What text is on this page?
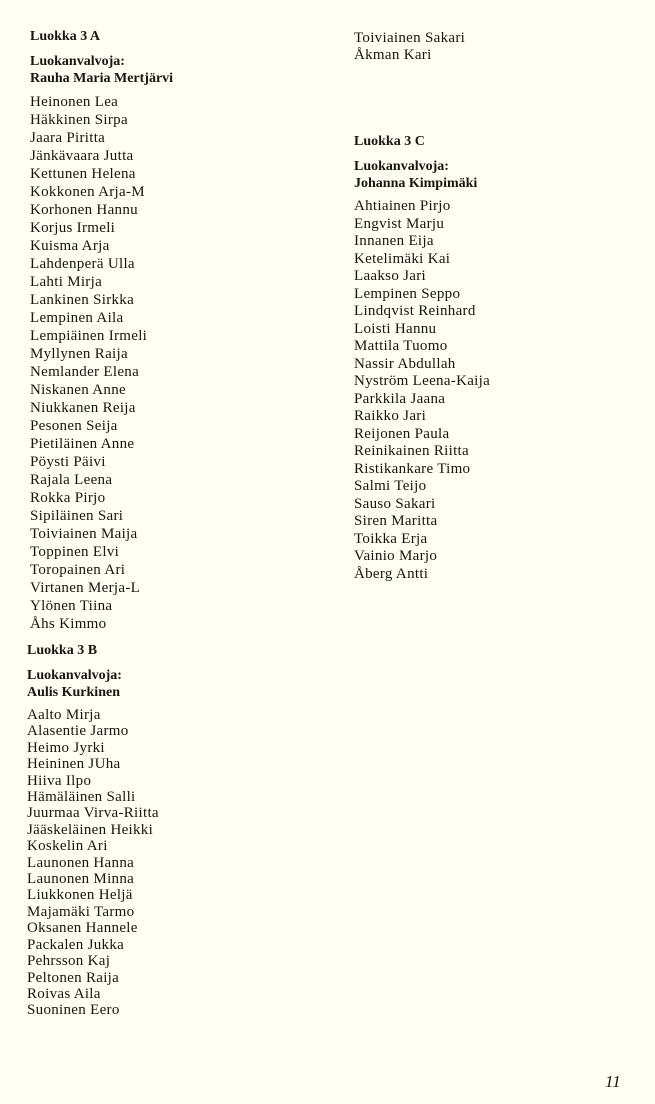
Luokka 3 A
Luokanvalvoja:
Rauha Maria Mertjärvi
Heinonen Lea
Häkkinen Sirpa
Jaara Piritta
Jänkävaara Jutta
Kettunen Helena
Kokkonen Arja-M
Korhonen Hannu
Korjus Irmeli
Kuisma Arja
Lahdenperä Ulla
Lahti Mirja
Lankinen Sirkka
Lempinen Aila
Lempiäinen Irmeli
Myllynen Raija
Nemlander Elena
Niskanen Anne
Niukkanen Reija
Pesonen Seija
Pietiläinen Anne
Pöysti Päivi
Rajala Leena
Rokka Pirjo
Sipiläinen Sari
Toiviainen Maija
Toppinen Elvi
Toropainen Ari
Virtanen Merja-L
Ylönen Tiina
Åhs Kimmo
Luokka 3 B
Luokanvalvoja:
Aulis Kurkinen
Aalto Mirja
Alasentie Jarmo
Heimo Jyrki
Heininen JUha
Hiiva Ilpo
Hämäläinen Salli
Juurmaa Virva-Riitta
Jääskeläinen Heikki
Koskelin Ari
Launonen Hanna
Launonen Minna
Liukkonen Heljä
Majamäki Tarmo
Oksanen Hannele
Packalen Jukka
Pehrsson Kaj
Peltonen Raija
Roivas Aila
Suoninen Eero
Toiviainen Sakari
Åkman Kari
Luokka 3 C
Luokanvalvoja:
Johanna Kimpimäki
Ahtiainen Pirjo
Engvist Marju
Innanen Eija
Ketelimäki Kai
Laakso Jari
Lempinen Seppo
Lindqvist Reinhard
Loisti Hannu
Mattila Tuomo
Nassir Abdullah
Nyström Leena-Kaija
Parkkila Jaana
Raikko Jari
Reijonen Paula
Reinikainen Riitta
Ristikankare Timo
Salmi Teijo
Sauso Sakari
Siren Maritta
Toikka Erja
Vainio Marjo
Åberg Antti
11
